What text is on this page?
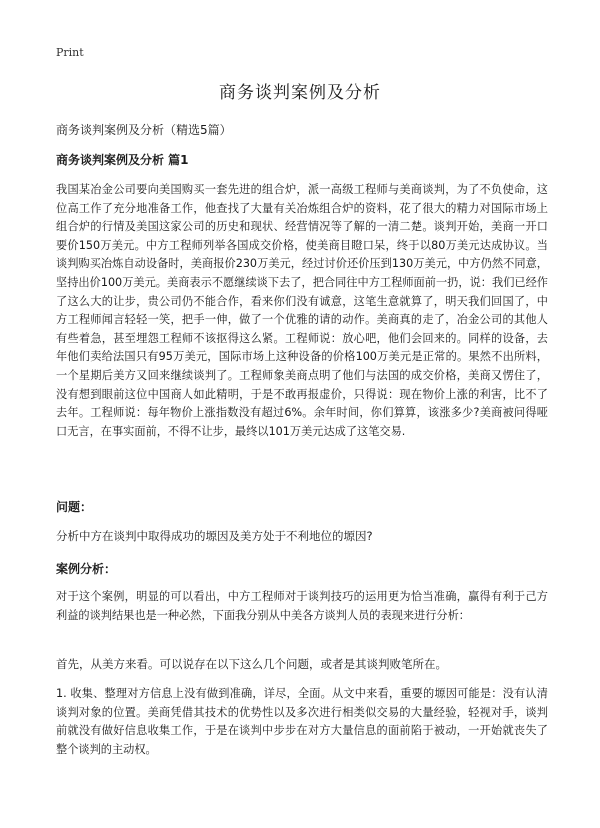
Print
商务谈判案例及分析
商务谈判案例及分析（精选5篇）
商务谈判案例及分析 篇1
我国某冶金公司要向美国购买一套先进的组合炉，派一高级工程师与美商谈判，为了不负使命，这位高工作了充分地准备工作，他查找了大量有关冶炼组合炉的资料，花了很大的精力对国际市场上组合炉的行情及美国这家公司的历史和现状、经营情况等了解的一清二楚。谈判开始，美商一开口要价150万美元。中方工程师列举各国成交价格，使美商目瞪口呆，终于以80万美元达成协议。当谈判购买冶炼自动设备时，美商报价230万美元，经过讨价还价压到130万美元，中方仍然不同意，坚持出价100万美元。美商表示不愿继续谈下去了，把合同往中方工程师面前一扔，说：我们已经作了这么大的让步，贵公司仍不能合作，看来你们没有诚意，这笔生意就算了，明天我们回国了，中方工程师闻言轻轻一笑，把手一伸，做了一个优雅的请的动作。美商真的走了，冶金公司的其他人有些着急，甚至埋怨工程师不该抠得这么紧。工程师说：放心吧，他们会回来的。同样的设备，去年他们卖给法国只有95万美元，国际市场上这种设备的价格100万美元是正常的。果然不出所料，一个星期后美方又回来继续谈判了。工程师象美商点明了他们与法国的成交价格，美商又愣住了，没有想到眼前这位中国商人如此精明，于是不敢再报虚价，只得说：现在物价上涨的利害，比不了去年。工程师说：每年物价上涨指数没有超过6%。余年时间，你们算算，该涨多少?美商被问得哑口无言，在事实面前，不得不让步，最终以101万美元达成了这笔交易.
问题：
分析中方在谈判中取得成功的塬因及美方处于不利地位的塬因?
案例分析：
对于这个案例，明显的可以看出，中方工程师对于谈判技巧的运用更为恰当准确，赢得有利于己方利益的谈判结果也是一种必然，下面我分别从中美各方谈判人员的表现来进行分析：
首先，从美方来看。可以说存在以下这么几个问题，或者是其谈判败笔所在。
1. 收集、整理对方信息上没有做到准确，详尽，全面。从文中来看，重要的塬因可能是：没有认清谈判对象的位置。美商凭借其技术的优势性以及多次进行相类似交易的大量经验，轻视对手，谈判前就没有做好信息收集工作，于是在谈判中步步在对方大量信息的面前陷于被动，一开始就丧失了整个谈判的主动权。
